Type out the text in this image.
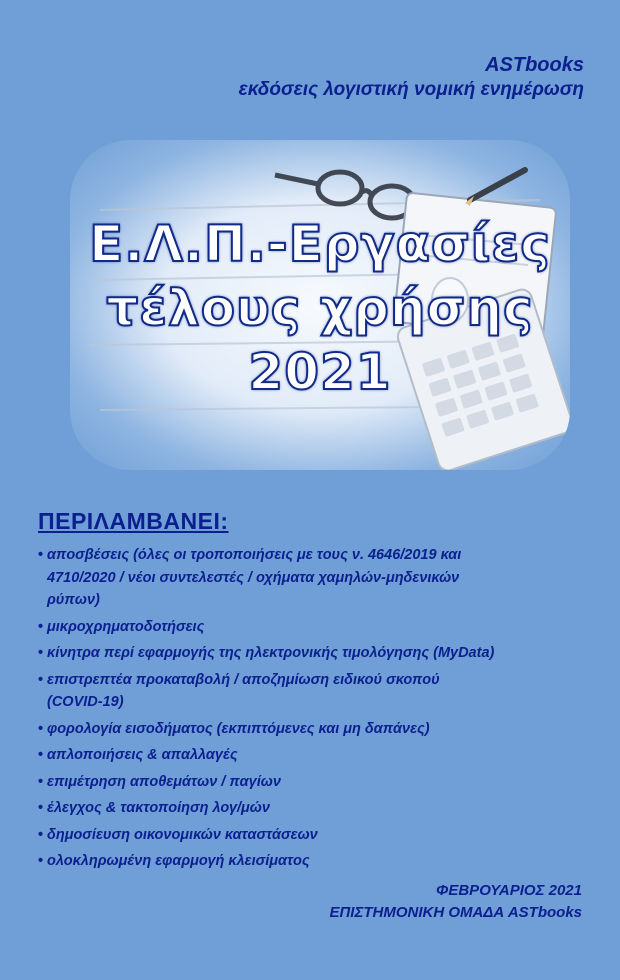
ASTbooks
εκδόσεις λογιστική νομική ενημέρωση
Ε.Λ.Π.-Εργασίες
τέλους χρήσης
2021
ΠΕΡΙΛΑΜΒΑΝΕΙ:
• αποσβέσεις (όλες οι τροποποιήσεις με τους ν. 4646/2019 και
4710/2020 / νέοι συντελεστές / οχήματα χαμηλών-μηδενικών
ρύπων)
• μικροχρηματοδοτήσεις
• κίνητρα περί εφαρμογής της ηλεκτρονικής τιμολόγησης (MyData)
• επιστρεπτέα προκαταβολή / αποζημίωση ειδικού σκοπού
(COVID-19)
• φορολογία εισοδήματος (εκπιπτόμενες και μη δαπάνες)
• απλοποιήσεις & απαλλαγές
• επιμέτρηση αποθεμάτων / παγίων
• έλεγχος & τακτοποίηση λογ/μών
• δημοσίευση οικονομικών καταστάσεων
• ολοκληρωμένη εφαρμογή κλεισίματος
ΦΕΒΡΟΥΑΡΙΟΣ 2021
ΕΠΙΣΤΗΜΟΝΙΚΗ ΟΜΑΔΑ ASTbooks
